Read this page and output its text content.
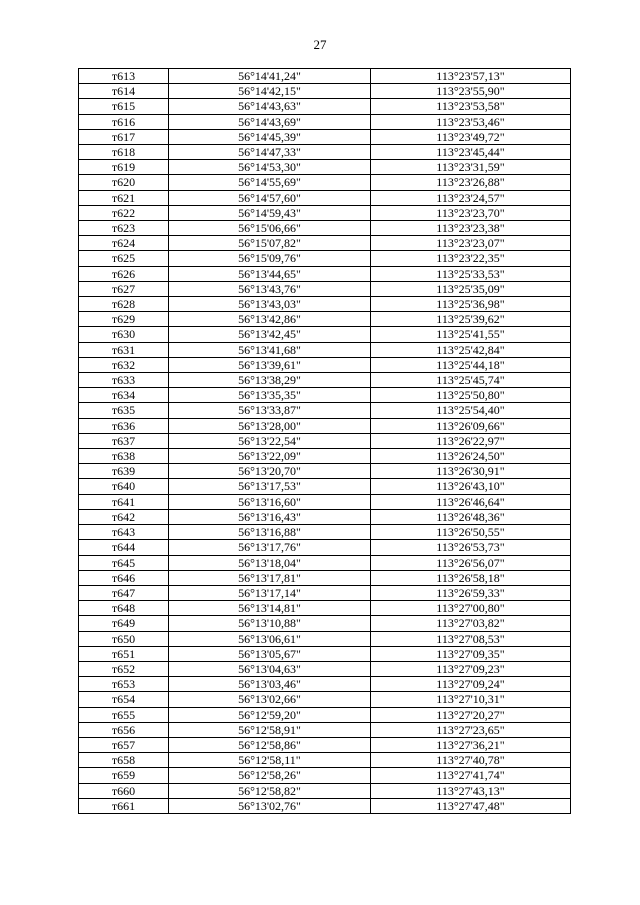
27
т613	56°14'41,24"	113°23'57,13"
т614	56°14'42,15"	113°23'55,90"
т615	56°14'43,63"	113°23'53,58"
т616	56°14'43,69"	113°23'53,46"
т617	56°14'45,39"	113°23'49,72"
т618	56°14'47,33"	113°23'45,44"
т619	56°14'53,30"	113°23'31,59"
т620	56°14'55,69"	113°23'26,88"
т621	56°14'57,60"	113°23'24,57"
т622	56°14'59,43"	113°23'23,70"
т623	56°15'06,66"	113°23'23,38"
т624	56°15'07,82"	113°23'23,07"
т625	56°15'09,76"	113°23'22,35"
т626	56°13'44,65"	113°25'33,53"
т627	56°13'43,76"	113°25'35,09"
т628	56°13'43,03"	113°25'36,98"
т629	56°13'42,86"	113°25'39,62"
т630	56°13'42,45"	113°25'41,55"
т631	56°13'41,68"	113°25'42,84"
т632	56°13'39,61"	113°25'44,18"
т633	56°13'38,29"	113°25'45,74"
т634	56°13'35,35"	113°25'50,80"
т635	56°13'33,87"	113°25'54,40"
т636	56°13'28,00"	113°26'09,66"
т637	56°13'22,54"	113°26'22,97"
т638	56°13'22,09"	113°26'24,50"
т639	56°13'20,70"	113°26'30,91"
т640	56°13'17,53"	113°26'43,10"
т641	56°13'16,60"	113°26'46,64"
т642	56°13'16,43"	113°26'48,36"
т643	56°13'16,88"	113°26'50,55"
т644	56°13'17,76"	113°26'53,73"
т645	56°13'18,04"	113°26'56,07"
т646	56°13'17,81"	113°26'58,18"
т647	56°13'17,14"	113°26'59,33"
т648	56°13'14,81"	113°27'00,80"
т649	56°13'10,88"	113°27'03,82"
т650	56°13'06,61"	113°27'08,53"
т651	56°13'05,67"	113°27'09,35"
т652	56°13'04,63"	113°27'09,23"
т653	56°13'03,46"	113°27'09,24"
т654	56°13'02,66"	113°27'10,31"
т655	56°12'59,20"	113°27'20,27"
т656	56°12'58,91"	113°27'23,65"
т657	56°12'58,86"	113°27'36,21"
т658	56°12'58,11"	113°27'40,78"
т659	56°12'58,26"	113°27'41,74"
т660	56°12'58,82"	113°27'43,13"
т661	56°13'02,76"	113°27'47,48"
